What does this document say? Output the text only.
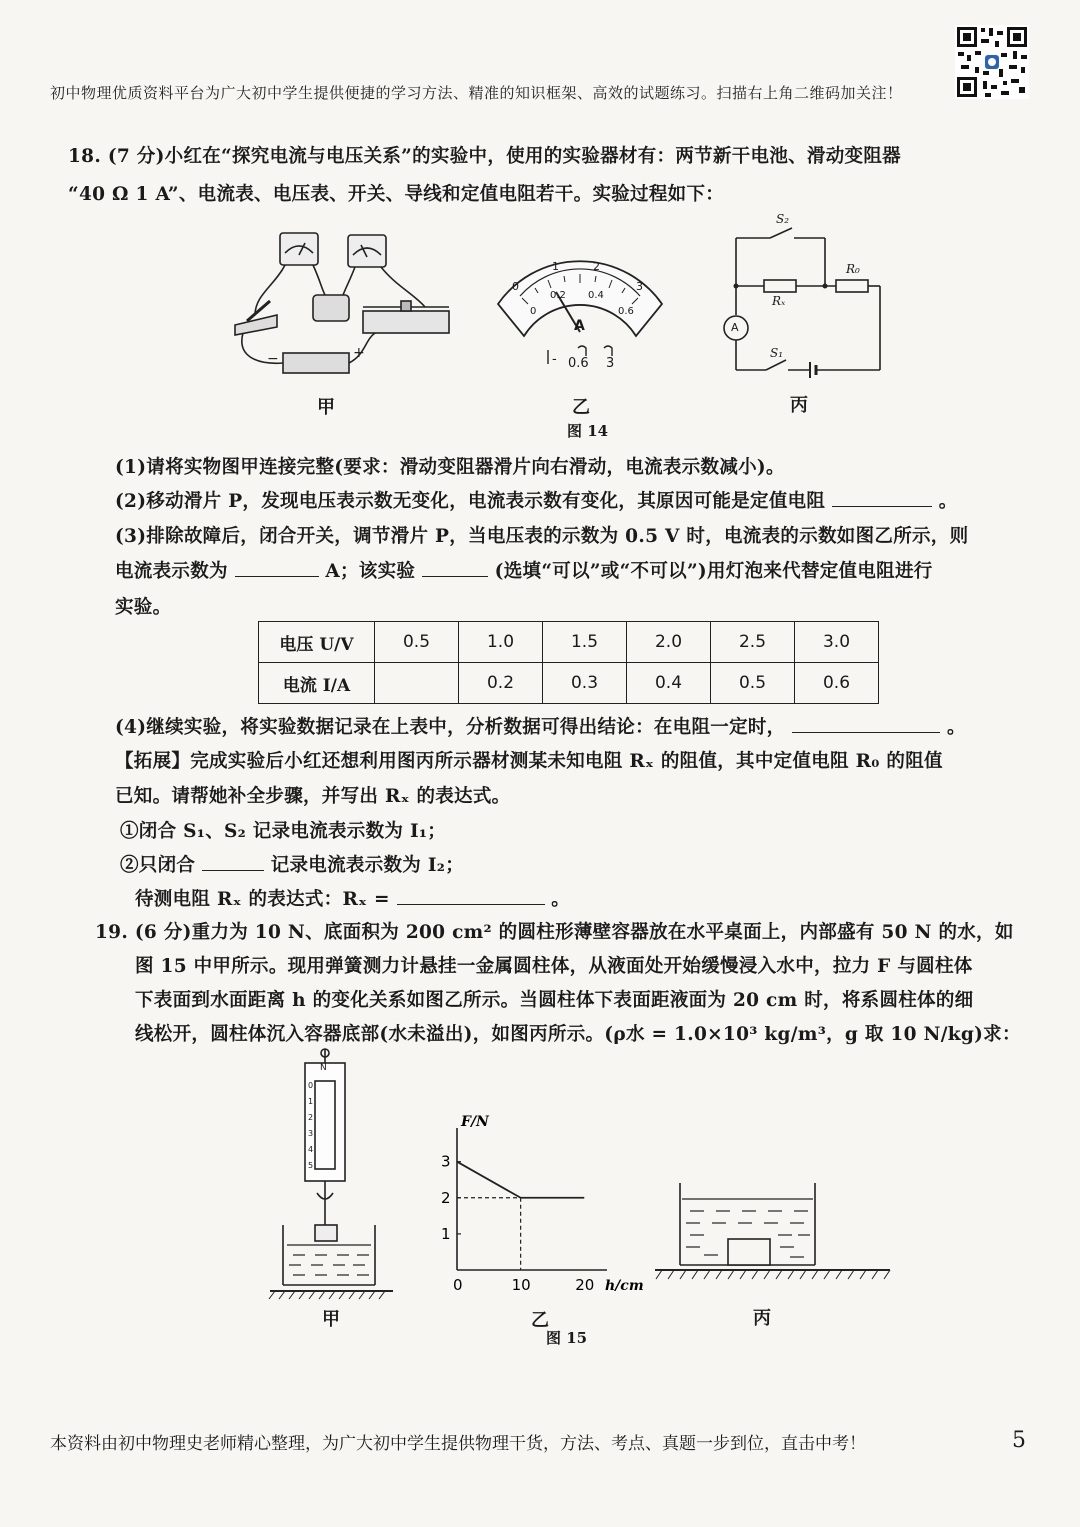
初中物理优质资料平台为广大初中学生提供便捷的学习方法、精准的知识框架、高效的试题练习。扫描右上角二维码加关注！
18. (7 分)小红在“探究电流与电压关系”的实验中，使用的实验器材有：两节新干电池、滑动变阻器
“40 Ω 1 A”、电流表、电压表、开关、导线和定值电阻若干。实验过程如下：
−	+
甲
0
1	2
3
0
0.2 0.4
0.6
A
- 0.6 3
乙
S₂
R₀
Rₓ
A
S₁
丙
图 14
(1)请将实物图甲连接完整(要求：滑动变阻器滑片向右滑动，电流表示数减小)。
(2)移动滑片 P，发现电压表示数无变化，电流表示数有变化，其原因可能是定值电阻	。
(3)排除故障后，闭合开关，调节滑片 P，当电压表的示数为 0.5 V 时，电流表的示数如图乙所示，则
电流表示数为	A；该实验	(选填“可以”或“不可以”)用灯泡来代替定值电阻进行
实验。
电压 U/V	0.5	1.0	1.5	2.0	2.5	3.0
电流 I/A		0.2	0.3	0.4	0.5	0.6
(4)继续实验，将实验数据记录在上表中，分析数据可得出结论：在电阻一定时，	。
【拓展】完成实验后小红还想利用图丙所示器材测某未知电阻 Rₓ 的阻值，其中定值电阻 R₀ 的阻值
已知。请帮她补全步骤，并写出 Rₓ 的表达式。
①闭合 S₁、S₂ 记录电流表示数为 I₁；
②只闭合	记录电流表示数为 I₂；
待测电阻 Rₓ 的表达式：Rₓ =	。
19. (6 分)重力为 10 N、底面积为 200 cm² 的圆柱形薄壁容器放在水平桌面上，内部盛有 50 N 的水，如
图 15 中甲所示。现用弹簧测力计悬挂一金属圆柱体，从液面处开始缓慢浸入水中，拉力 F 与圆柱体
下表面到水面距离 h 的变化关系如图乙所示。当圆柱体下表面距液面为 20 cm 时，将系圆柱体的细
线松开，圆柱体沉入容器底部(水未溢出)，如图丙所示。(ρ水 = 1.0×10³ kg/m³，g 取 10 N/kg)求：
N
0
1
2
3
4
5
甲
F/N
h/cm
0	10	20
1
2
3
乙	丙
图 15
本资料由初中物理史老师精心整理，为广大初中学生提供物理干货，方法、考点、真题一步到位，直击中考！	5
